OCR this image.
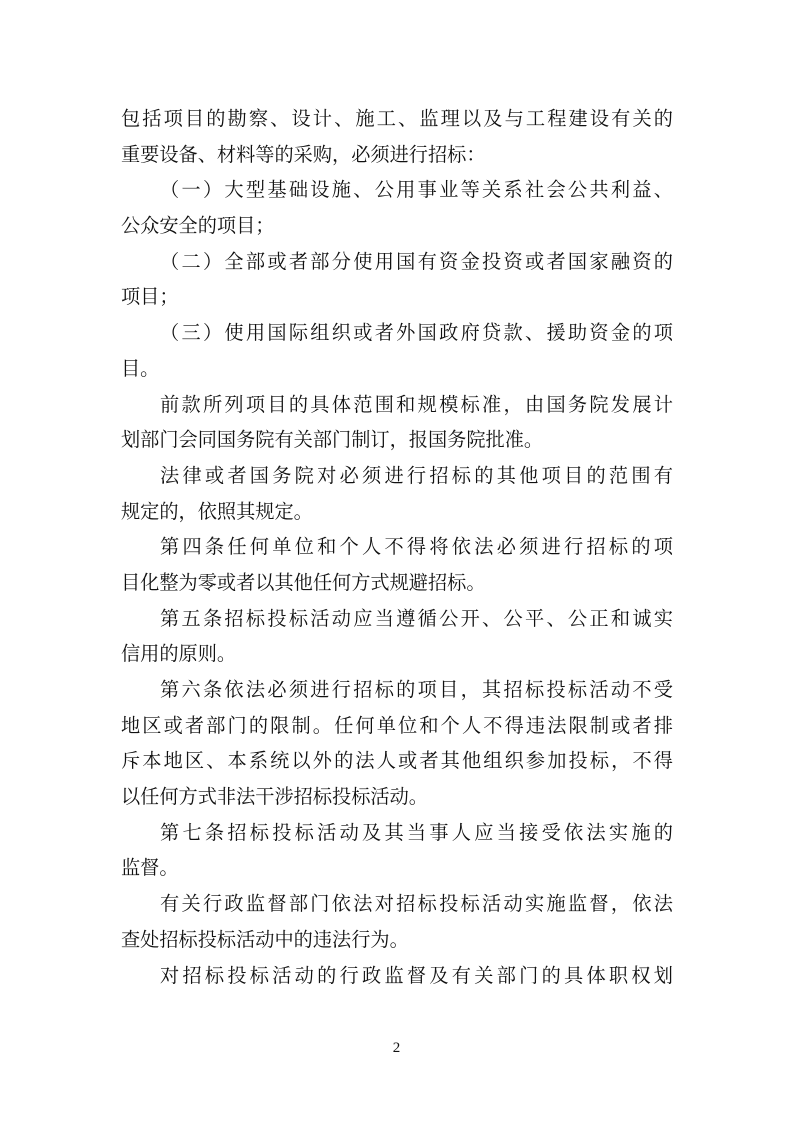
包括项目的勘察、设计、施工、监理以及与工程建设有关的
重要设备、材料等的采购，必须进行招标：
（一）大型基础设施、公用事业等关系社会公共利益、
公众安全的项目；
（二）全部或者部分使用国有资金投资或者国家融资的
项目；
（三）使用国际组织或者外国政府贷款、援助资金的项
目。
前款所列项目的具体范围和规模标准，由国务院发展计
划部门会同国务院有关部门制订，报国务院批准。
法律或者国务院对必须进行招标的其他项目的范围有
规定的，依照其规定。
第四条任何单位和个人不得将依法必须进行招标的项
目化整为零或者以其他任何方式规避招标。
第五条招标投标活动应当遵循公开、公平、公正和诚实
信用的原则。
第六条依法必须进行招标的项目，其招标投标活动不受
地区或者部门的限制。任何单位和个人不得违法限制或者排
斥本地区、本系统以外的法人或者其他组织参加投标，不得
以任何方式非法干涉招标投标活动。
第七条招标投标活动及其当事人应当接受依法实施的
监督。
有关行政监督部门依法对招标投标活动实施监督，依法
查处招标投标活动中的违法行为。
对招标投标活动的行政监督及有关部门的具体职权划
2
